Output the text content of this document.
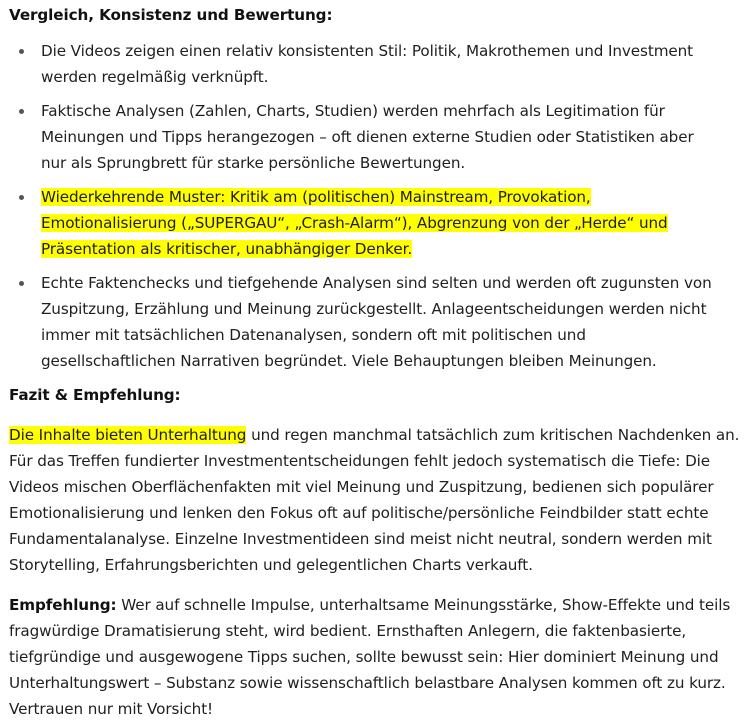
Vergleich, Konsistenz und Bewertung:
Die Videos zeigen einen relativ konsistenten Stil: Politik, Makrothemen und Investment werden regelmäßig verknüpft.
Faktische Analysen (Zahlen, Charts, Studien) werden mehrfach als Legitimation für Meinungen und Tipps herangezogen – oft dienen externe Studien oder Statistiken aber nur als Sprungbrett für starke persönliche Bewertungen.
Wiederkehrende Muster: Kritik am (politischen) Mainstream, Provokation, Emotionalisierung („SUPERGAU“, „Crash-Alarm“), Abgrenzung von der „Herde“ und Präsentation als kritischer, unabhängiger Denker.
Echte Faktenchecks und tiefgehende Analysen sind selten und werden oft zugunsten von Zuspitzung, Erzählung und Meinung zurückgestellt. Anlageentscheidungen werden nicht immer mit tatsächlichen Datenanalysen, sondern oft mit politischen und gesellschaftlichen Narrativen begründet. Viele Behauptungen bleiben Meinungen.
Fazit & Empfehlung:

Die Inhalte bieten Unterhaltung und regen manchmal tatsächlich zum kritischen Nachdenken an. Für das Treffen fundierter Investmententscheidungen fehlt jedoch systematisch die Tiefe: Die Videos mischen Oberflächenfakten mit viel Meinung und Zuspitzung, bedienen sich populärer Emotionalisierung und lenken den Fokus oft auf politische/persönliche Feindbilder statt echte Fundamentalanalyse. Einzelne Investmentideen sind meist nicht neutral, sondern werden mit Storytelling, Erfahrungsberichten und gelegentlichen Charts verkauft.

Empfehlung: Wer auf schnelle Impulse, unterhaltsame Meinungsstärke, Show-Effekte und teils fragwürdige Dramatisierung steht, wird bedient. Ernsthaften Anlegern, die faktenbasierte, tiefgründige und ausgewogene Tipps suchen, sollte bewusst sein: Hier dominiert Meinung und Unterhaltungswert – Substanz sowie wissenschaftlich belastbare Analysen kommen oft zu kurz. Vertrauen nur mit Vorsicht!
